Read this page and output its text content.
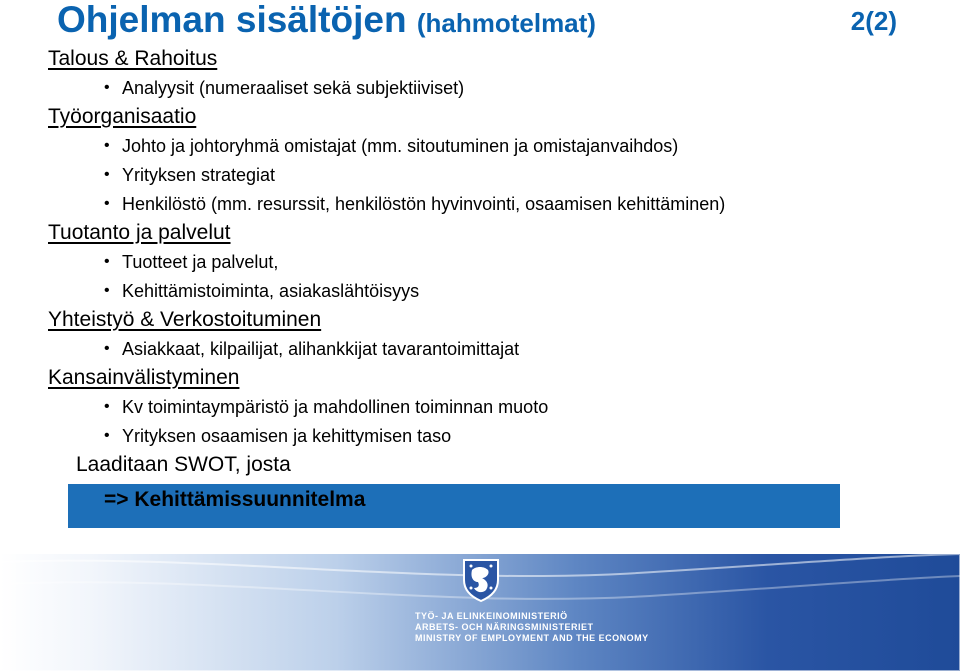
Ohjelman sisältöjen (hahmotelmat)	2(2)
Talous & Rahoitus
• Analyysit (numeraaliset sekä subjektiiviset)
Työorganisaatio
• Johto ja johtoryhmä omistajat (mm. sitoutuminen ja omistajanvaihdos)
• Yrityksen strategiat
• Henkilöstö (mm. resurssit, henkilöstön hyvinvointi, osaamisen kehittäminen)
Tuotanto ja palvelut
• Tuotteet ja palvelut,
• Kehittämistoiminta, asiakaslähtöisyys
Yhteistyö & Verkostoituminen
• Asiakkaat, kilpailijat, alihankkijat tavarantoimittajat
Kansainvälistyminen
• Kv toimintaympäristö ja mahdollinen toiminnan muoto
• Yrityksen osaamisen ja kehittymisen taso
Laaditaan SWOT, josta
=> Kehittämissuunnitelma
TYÖ- JA ELINKEINOMINISTERIÖ
ARBETS- OCH NÄRINGSMINISTERIET
MINISTRY OF EMPLOYMENT AND THE ECONOMY
